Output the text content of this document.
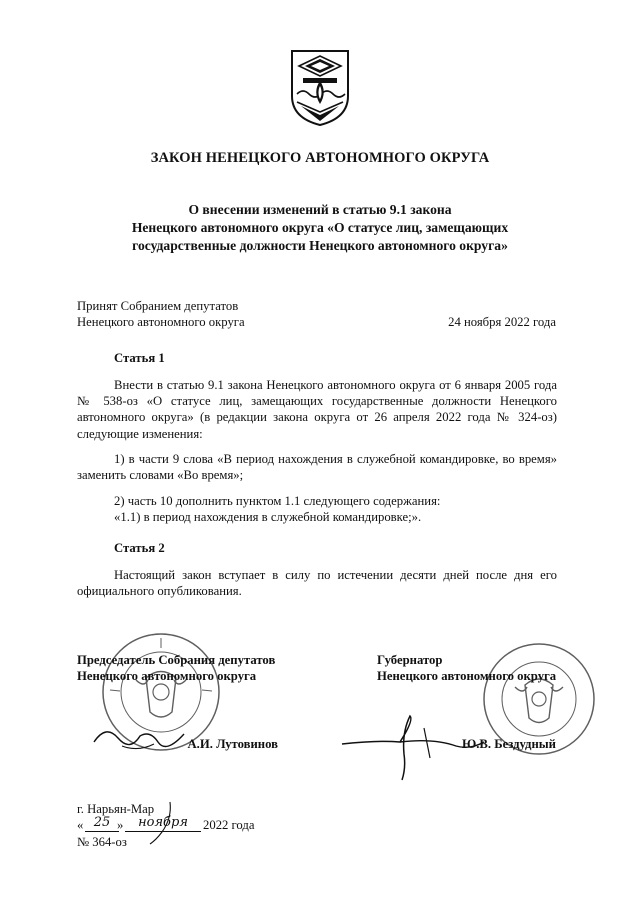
ЗАКОН НЕНЕЦКОГО АВТОНОМНОГО ОКРУГА
О внесении изменений в статью 9.1 закона
Ненецкого автономного округа «О статусе лиц, замещающих
государственные должности Ненецкого автономного округа»
Принят Собранием депутатов
Ненецкого автономного округа	24 ноября 2022 года
Статья 1
Внести в статью 9.1 закона Ненецкого автономного округа от 6 января 2005 года № 538-оз «О статусе лиц, замещающих государственные должности Ненецкого автономного округа» (в редакции закона округа от 26 апреля 2022 года № 324-оз) следующие изменения:
1) в части 9 слова «В период нахождения в служебной командировке, во время» заменить словами «Во время»;
2) часть 10 дополнить пунктом 1.1 следующего содержания:
«1.1) в период нахождения в служебной командировке;».
Статья 2
Настоящий закон вступает в силу по истечении десяти дней после дня его официального опубликования.
Председатель Собрания депутатов
Ненецкого автономного округа
А.И. Лутовинов
Губернатор
Ненецкого автономного округа
Ю.В. Бездудный
г. Нарьян-Мар
« 25 »	ноября	2022 года
№ 364-оз
